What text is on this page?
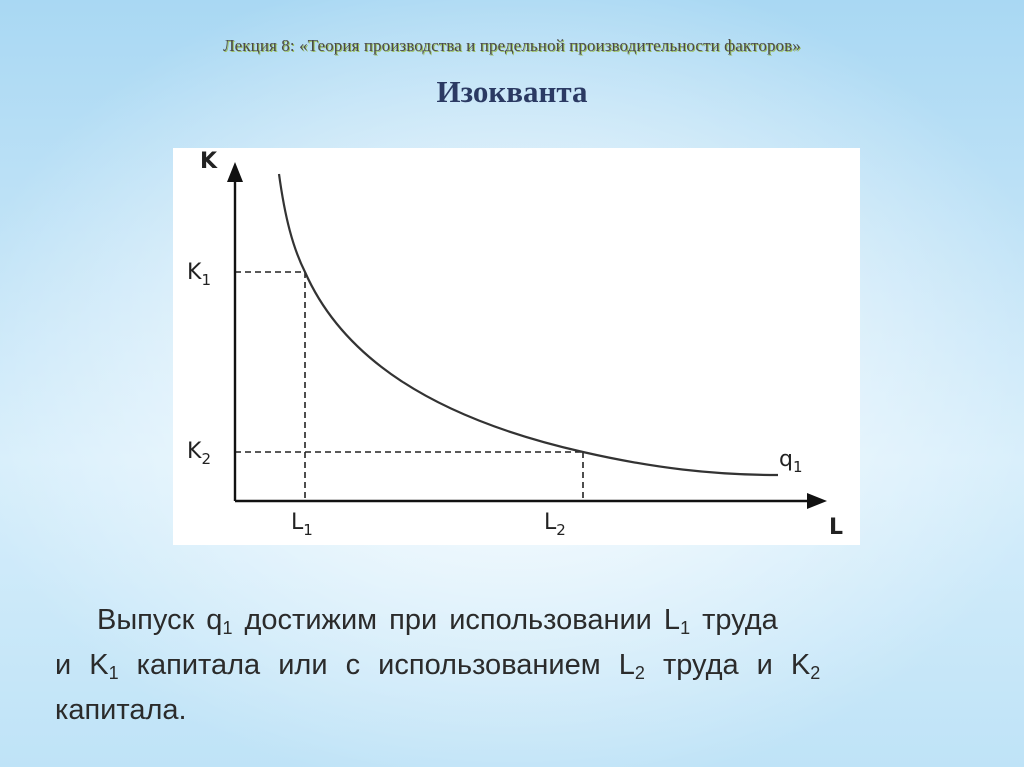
Лекция 8: «Теория производства и предельной производительности факторов»
Изокванта
K
L
$K_1$
$K_2$
$L_1$	$L_2$
$q_1$
Выпуск $q_1$ достижим при использовании $L_1$ труда
и $K_1$ капитала или с использованием $L_2$ труда и $K_2$
капитала.
